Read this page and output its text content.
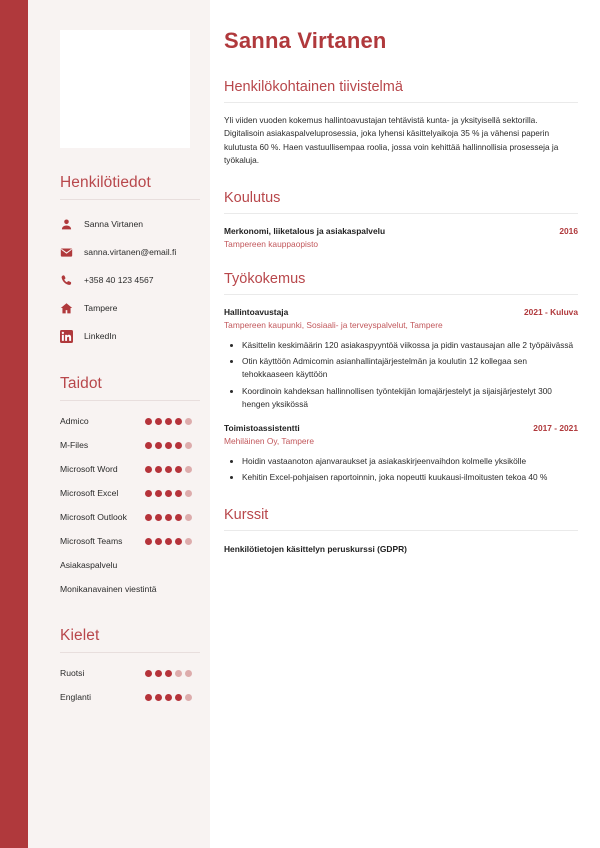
Henkilötiedot
Sanna Virtanen
sanna.virtanen@email.fi
+358 40 123 4567
Tampere
LinkedIn
Taidot
Admico
M-Files
Microsoft Word
Microsoft Excel
Microsoft Outlook
Microsoft Teams
Asiakaspalvelu
Monikanavainen viestintä
Kielet
Ruotsi
Englanti
Sanna Virtanen
Henkilökohtainen tiivistelmä

Yli viiden vuoden kokemus hallintoavustajan tehtävistä kunta- ja yksityisellä sektorilla. Digitalisoin asiakaspalveluprosessia, joka lyhensi käsittelyaikoja 35 % ja vähensi paperin kulutusta 60 %. Haen vastuullisempaa roolia, jossa voin kehittää hallinnollisia prosesseja ja työkaluja.

Koulutus
Merkonomi, liiketalous ja asiakaspalvelu	2016
Tampereen kauppaopisto
Työkokemus
Hallintoavustaja	2021 - Kuluva
Tampereen kaupunki, Sosiaali- ja terveyspalvelut, Tampere
• Käsittelin keskimäärin 120 asiakaspyyntöä viikossa ja pidin vastausajan alle 2 työpäivässä
• Otin käyttöön Admicomin asianhallintajärjestelmän ja koulutin 12 kollegaa sen tehokkaaseen käyttöön
• Koordinoin kahdeksan hallinnollisen työntekijän lomajärjestelyt ja sijaisjärjestelyt 300 hengen yksikössä
Toimistoassistentti	2017 - 2021
Mehiläinen Oy, Tampere
• Hoidin vastaanoton ajanvaraukset ja asiakaskirjeenvaihdon kolmelle yksikölle
• Kehitin Excel-pohjaisen raportoinnin, joka nopeutti kuukausi-ilmoitusten tekoa 40 %
Kurssit
Henkilötietojen käsittelyn peruskurssi (GDPR)
